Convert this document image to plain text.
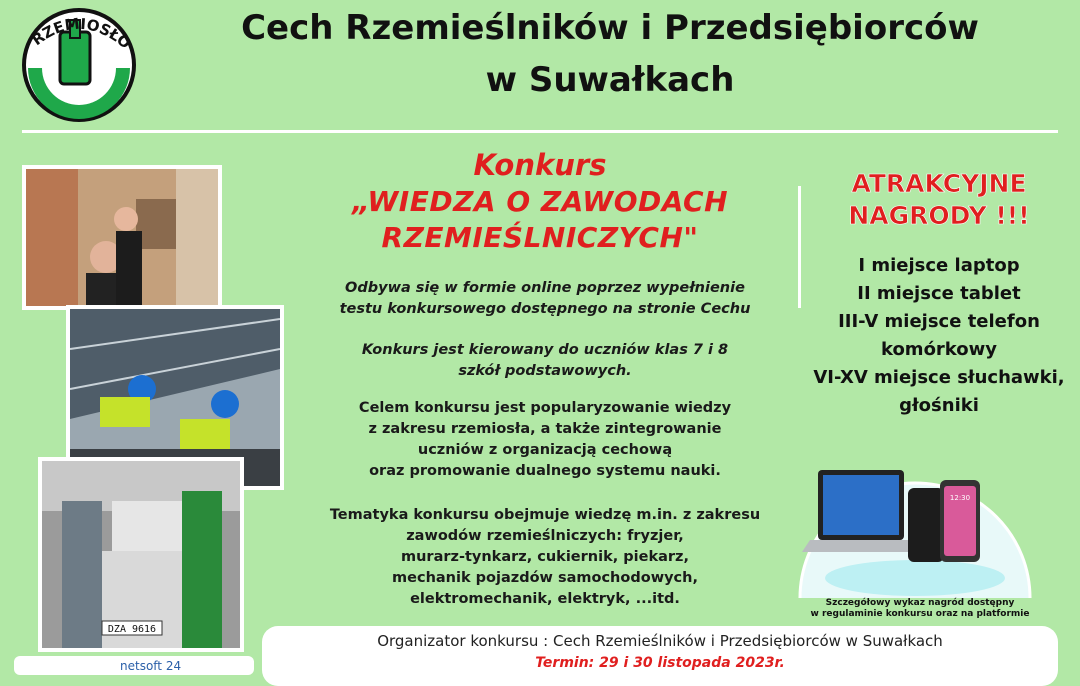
RZEMIOSŁO	Cech Rzemieślników i Przedsiębiorców
w Suwałkach
DZA 9616
Konkurs
„WIEDZA O ZAWODACH
RZEMIEŚLNICZYCH"
Odbywa się w formie online poprzez wypełnienie
testu konkursowego dostępnego na stronie Cechu
Konkurs jest kierowany do uczniów klas 7 i 8
szkół podstawowych.
Celem konkursu jest popularyzowanie wiedzy
z zakresu rzemiosła, a także zintegrowanie
uczniów z organizacją cechową
oraz promowanie dualnego systemu nauki.
Tematyka konkursu obejmuje wiedzę m.in. z zakresu
zawodów rzemieślniczych: fryzjer,
murarz-tynkarz, cukiernik, piekarz,
mechanik pojazdów samochodowych,
elektromechanik, elektryk, ...itd.
ATRAKCYJNE
NAGRODY !!!
I miejsce laptop
II miejsce tablet
III-V miejsce telefon
komórkowy
VI-XV miejsce słuchawki,
głośniki
12:30
Szczegółowy wykaz nagród dostępny
w regulaminie konkursu oraz na platformie
Organizator konkursu : Cech Rzemieślników i Przedsiębiorców w Suwałkach
Termin: 29 i 30 listopada 2023r.
netsoft 24
